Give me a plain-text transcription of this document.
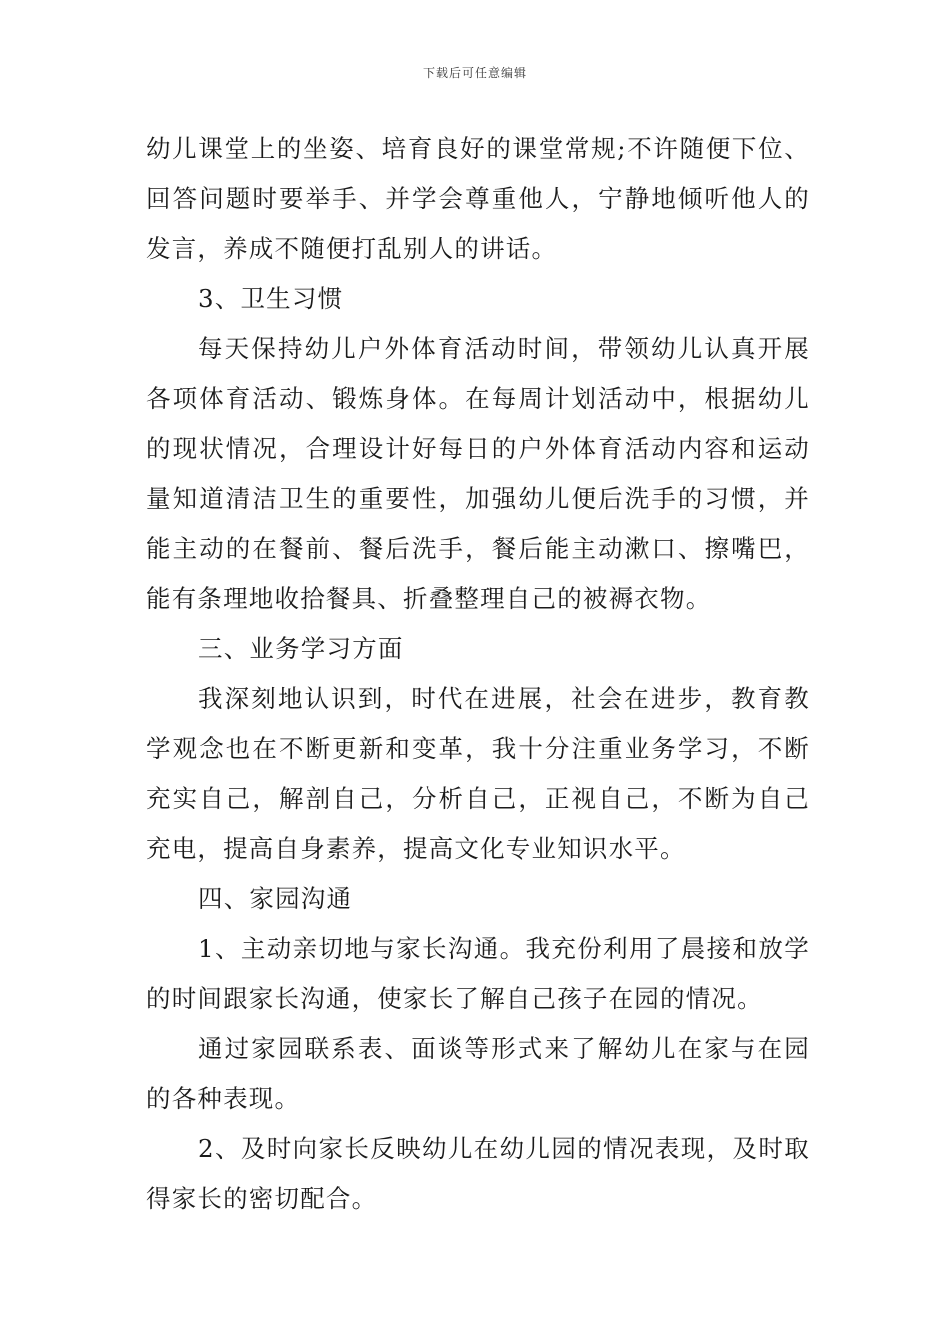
下载后可任意编辑

幼儿课堂上的坐姿、培育良好的课堂常规;不许随便下位、回答问题时要举手、并学会尊重他人，宁静地倾听他人的发言，养成不随便打乱别人的讲话。

3、卫生习惯

每天保持幼儿户外体育活动时间，带领幼儿认真开展各项体育活动、锻炼身体。在每周计划活动中，根据幼儿的现状情况，合理设计好每日的户外体育活动内容和运动量知道清洁卫生的重要性，加强幼儿便后洗手的习惯，并能主动的在餐前、餐后洗手，餐后能主动漱口、擦嘴巴，能有条理地收拾餐具、折叠整理自己的被褥衣物。

三、业务学习方面

我深刻地认识到，时代在进展，社会在进步，教育教学观念也在不断更新和变革，我十分注重业务学习，不断充实自己，解剖自己，分析自己，正视自己，不断为自己充电，提高自身素养，提高文化专业知识水平。

四、家园沟通

1、主动亲切地与家长沟通。我充份利用了晨接和放学的时间跟家长沟通，使家长了解自己孩子在园的情况。

通过家园联系表、面谈等形式来了解幼儿在家与在园的各种表现。

2、及时向家长反映幼儿在幼儿园的情况表现，及时取得家长的密切配合。
